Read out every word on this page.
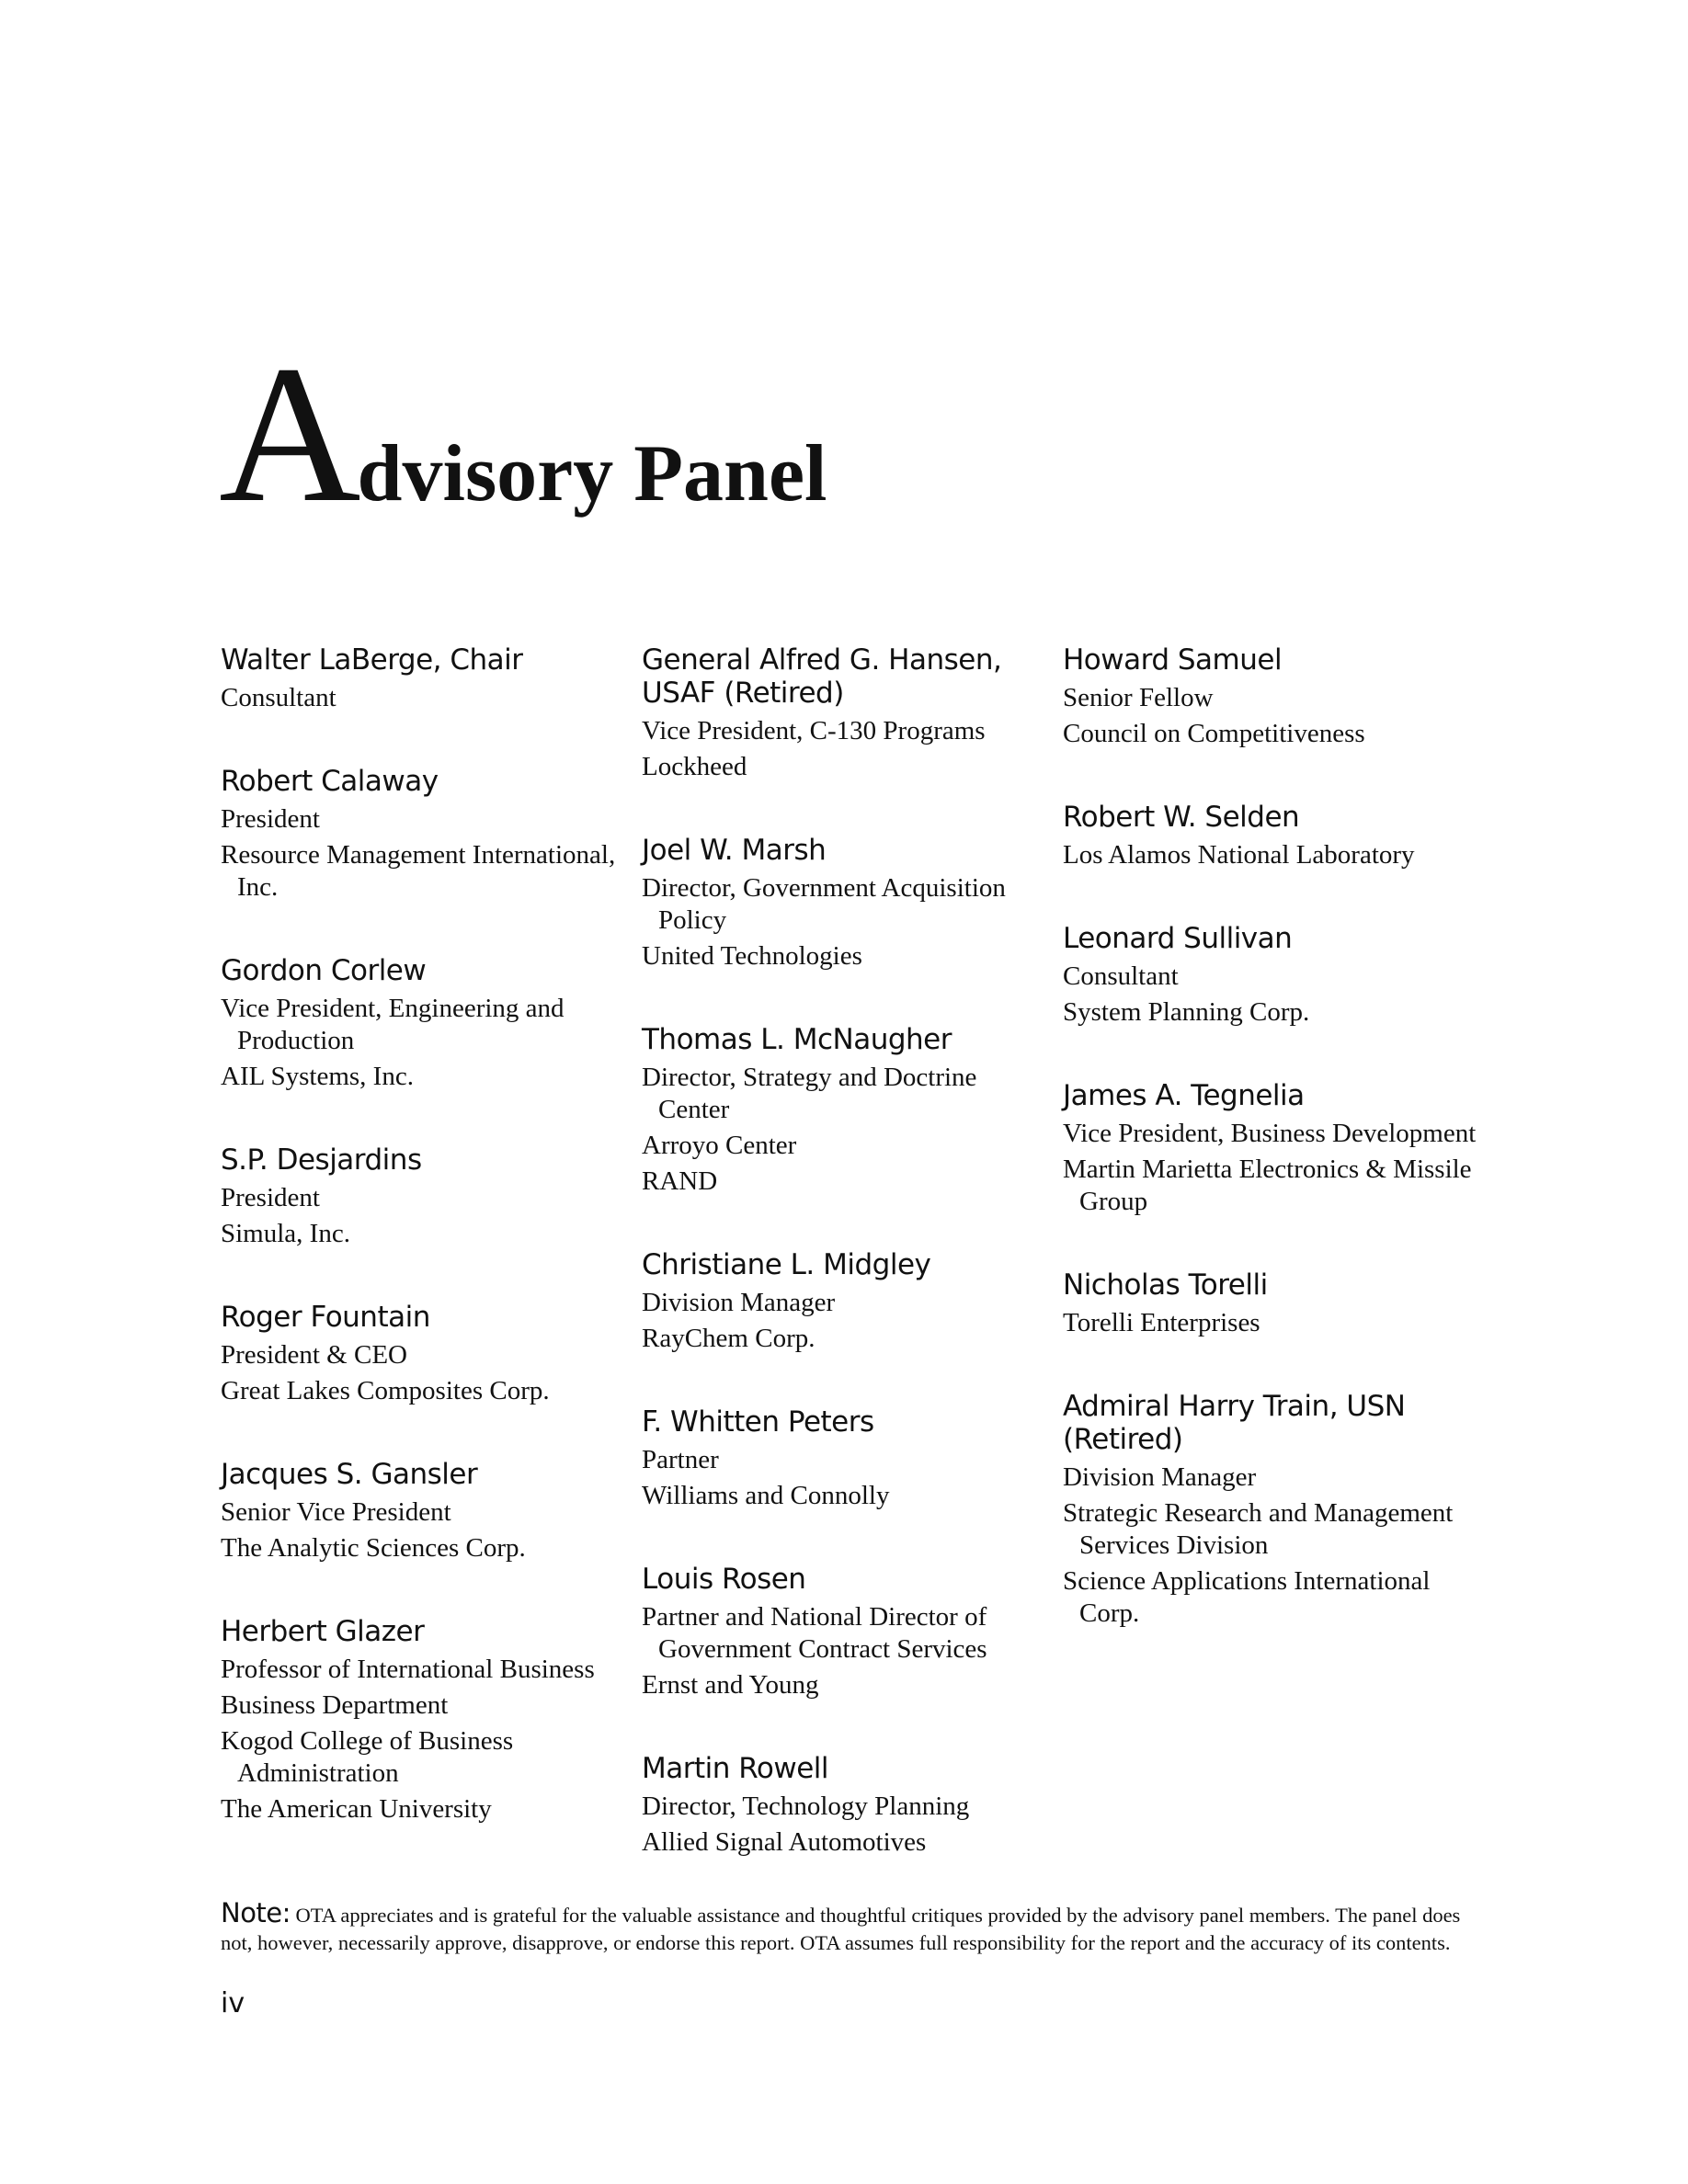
Advisory Panel
Walter LaBerge, Chair
Consultant
Robert Calaway
President
Resource Management International, Inc.
Gordon Corlew
Vice President, Engineering and Production
AIL Systems, Inc.
S.P. Desjardins
President
Simula, Inc.
Roger Fountain
President & CEO
Great Lakes Composites Corp.
Jacques S. Gansler
Senior Vice President
The Analytic Sciences Corp.
Herbert Glazer
Professor of International Business
Business Department
Kogod College of Business Administration
The American University
General Alfred G. Hansen, USAF (Retired)
Vice President, C-130 Programs
Lockheed
Joel W. Marsh
Director, Government Acquisition Policy
United Technologies
Thomas L. McNaugher
Director, Strategy and Doctrine Center
Arroyo Center
RAND
Christiane L. Midgley
Division Manager
RayChem Corp.
F. Whitten Peters
Partner
Williams and Connolly
Louis Rosen
Partner and National Director of Government Contract Services
Ernst and Young
Martin Rowell
Director, Technology Planning
Allied Signal Automotives
Howard Samuel
Senior Fellow
Council on Competitiveness
Robert W. Selden
Los Alamos National Laboratory
Leonard Sullivan
Consultant
System Planning Corp.
James A. Tegnelia
Vice President, Business Development
Martin Marietta Electronics & Missile Group
Nicholas Torelli
Torelli Enterprises
Admiral Harry Train, USN (Retired)
Division Manager
Strategic Research and Management Services Division
Science Applications International Corp.
Note: OTA appreciates and is grateful for the valuable assistance and thoughtful critiques provided by the advisory panel members. The panel does not, however, necessarily approve, disapprove, or endorse this report. OTA assumes full responsibility for the report and the accuracy of its contents.
iv
